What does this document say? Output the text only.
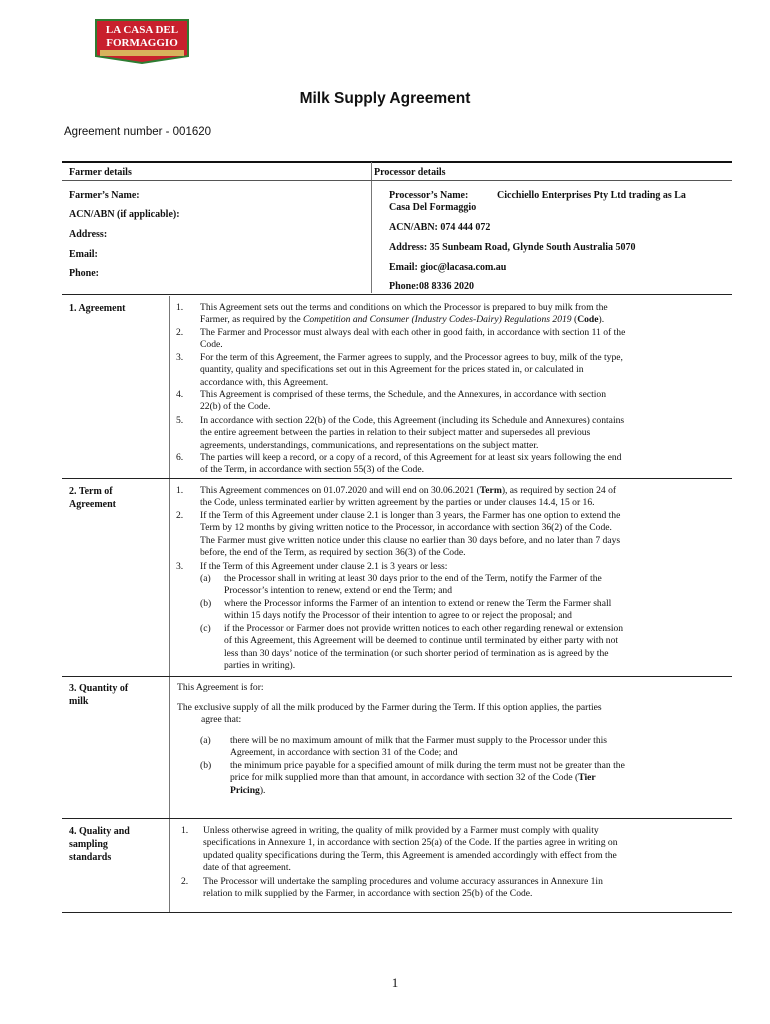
LA CASA DEL
FORMAGGIO
Milk Supply Agreement
Agreement number - 001620
Farmer details
Farmer’s Name:
ACN/ABN (if applicable):
Address:
Email:
Phone:
Processor details
Processor’s Name:	Cicchiello Enterprises Pty Ltd trading as La
Casa Del Formaggio
ACN/ABN: 074 444 072
Address: 35 Sunbeam Road, Glynde South Australia 5070
Email: gioc@lacasa.com.au
Phone:08 8336 2020
1. Agreement	1. This Agreement sets out the terms and conditions on which the Processor is prepared to buy milk from the
Farmer, as required by the Competition and Consumer (Industry Codes-Dairy) Regulations 2019 (Code).
2. The Farmer and Processor must always deal with each other in good faith, in accordance with section 11 of the
Code.
3. For the term of this Agreement, the Farmer agrees to supply, and the Processor agrees to buy, milk of the type,
quantity, quality and specifications set out in this Agreement for the prices stated in, or calculated in
accordance with, this Agreement.
4. This Agreement is comprised of these terms, the Schedule, and the Annexures, in accordance with section
22(b) of the Code.
5. In accordance with section 22(b) of the Code, this Agreement (including its Schedule and Annexures) contains
the entire agreement between the parties in relation to their subject matter and supersedes all previous
agreements, understandings, communications, and representations on the subject matter.
6. The parties will keep a record, or a copy of a record, of this Agreement for at least six years following the end
of the Term, in accordance with section 55(3) of the Code.
2. Term of
Agreement
1. This Agreement commences on 01.07.2020 and will end on 30.06.2021 (Term), as required by section 24 of
the Code, unless terminated earlier by written agreement by the parties or under clauses 14.4, 15 or 16.
2. If the Term of this Agreement under clause 2.1 is longer than 3 years, the Farmer has one option to extend the
Term by 12 months by giving written notice to the Processor, in accordance with section 36(2) of the Code.
The Farmer must give written notice under this clause no earlier than 30 days before, and no later than 7 days
before, the end of the Term, as required by section 36(3) of the Code.
3. If the Term of this Agreement under clause 2.1 is 3 years or less:
(a) the Processor shall in writing at least 30 days prior to the end of the Term, notify the Farmer of the
Processor’s intention to renew, extend or end the Term; and
(b) where the Processor informs the Farmer of an intention to extend or renew the Term the Farmer shall
within 15 days notify the Processor of their intention to agree to or reject the proposal; and
(c) if the Processor or Farmer does not provide written notices to each other regarding renewal or extension
of this Agreement, this Agreement will be deemed to continue until terminated by either party with not
less than 30 days’ notice of the termination (or such shorter period of termination as is agreed by the
parties in writing).
3. Quantity of
milk
This Agreement is for:
The exclusive supply of all the milk produced by the Farmer during the Term. If this option applies, the parties
agree that:
(a) there will be no maximum amount of milk that the Farmer must supply to the Processor under this
Agreement, in accordance with section 31 of the Code; and
(b) the minimum price payable for a specified amount of milk during the term must not be greater than the
price for milk supplied more than that amount, in accordance with section 32 of the Code (Tier
Pricing).
4. Quality and
sampling
standards
1. Unless otherwise agreed in writing, the quality of milk provided by a Farmer must comply with quality
specifications in Annexure 1, in accordance with section 25(a) of the Code. If the parties agree in writing on
updated quality specifications during the Term, this Agreement is amended accordingly with effect from the
date of that agreement.
2. The Processor will undertake the sampling procedures and volume accuracy assurances in Annexure 1in
relation to milk supplied by the Farmer, in accordance with section 25(b) of the Code.
1
